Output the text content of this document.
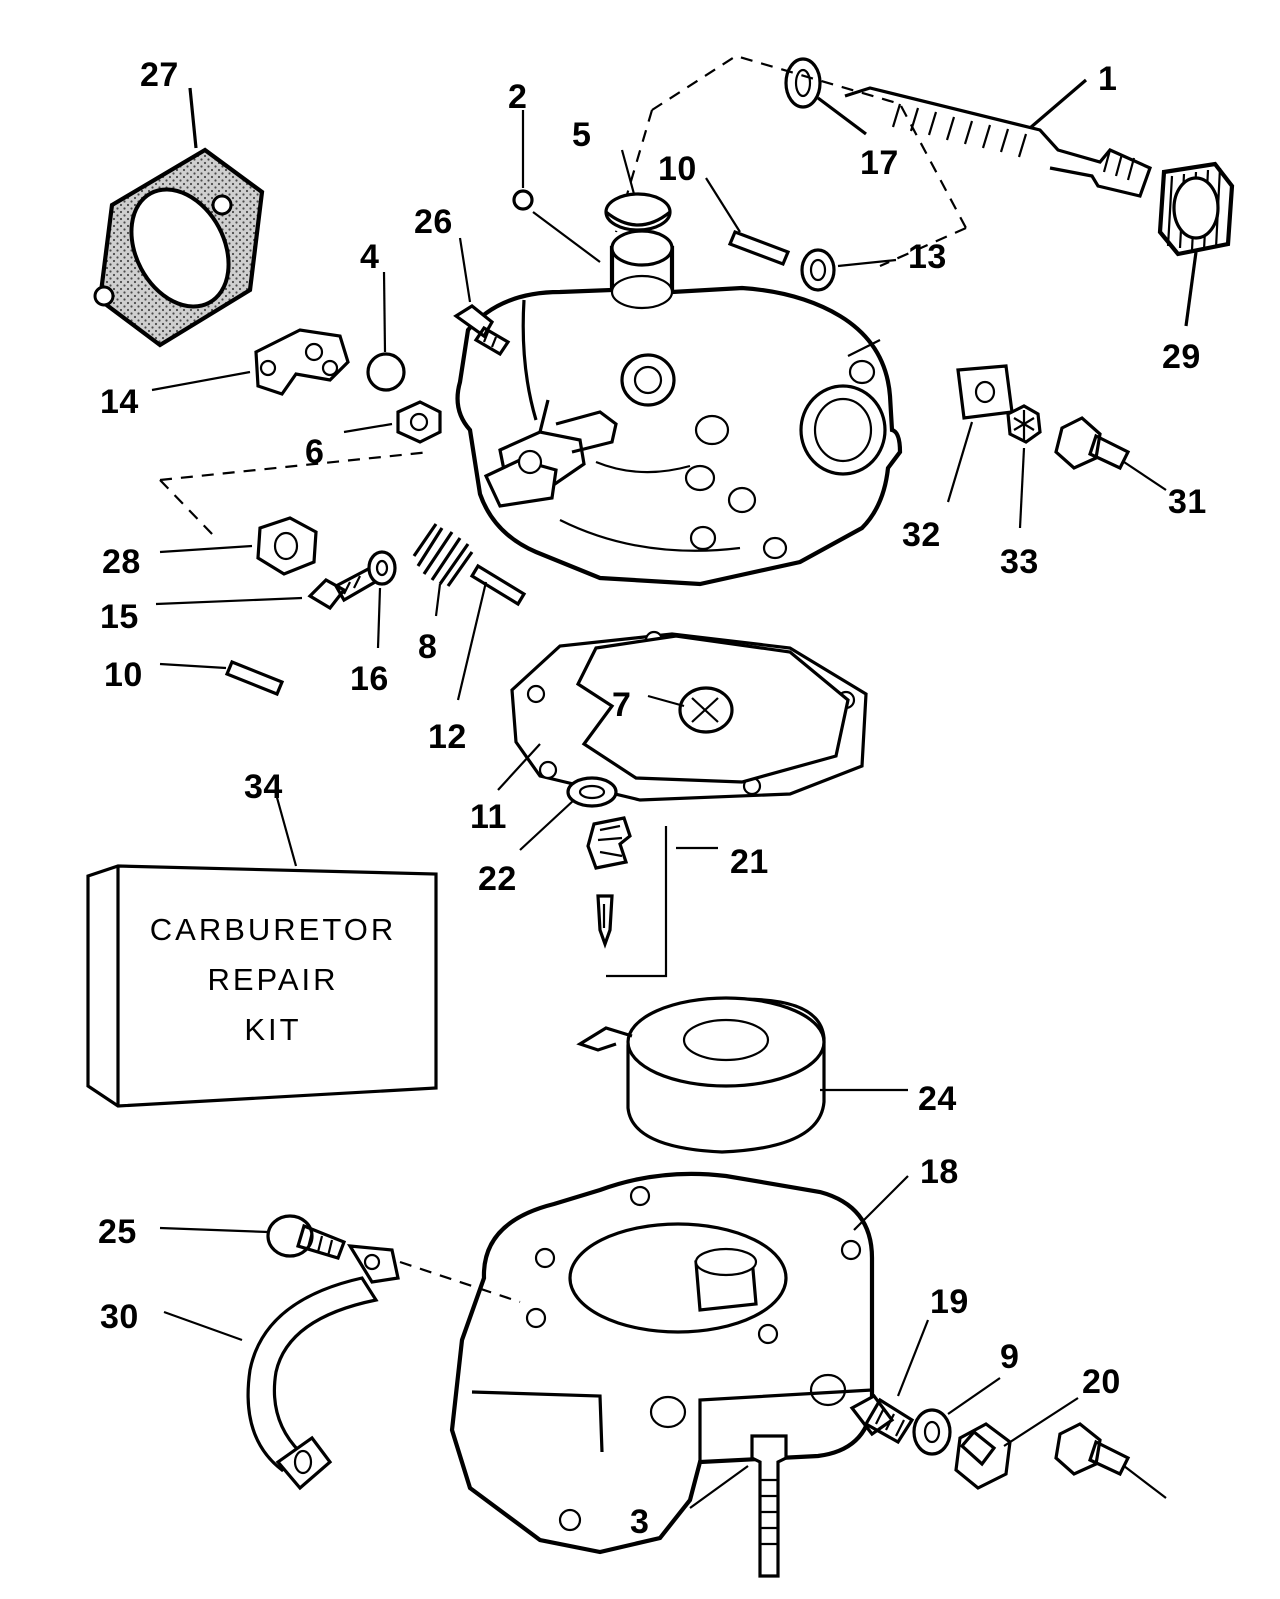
27
2	1
5
10	17
26
13
4
29
14
6
32
31
33
28
15
16
8
10
12
7
11
22	21
34
24
18
25
30	19
9
20
3
CARBURETOR
REPAIR
KIT
